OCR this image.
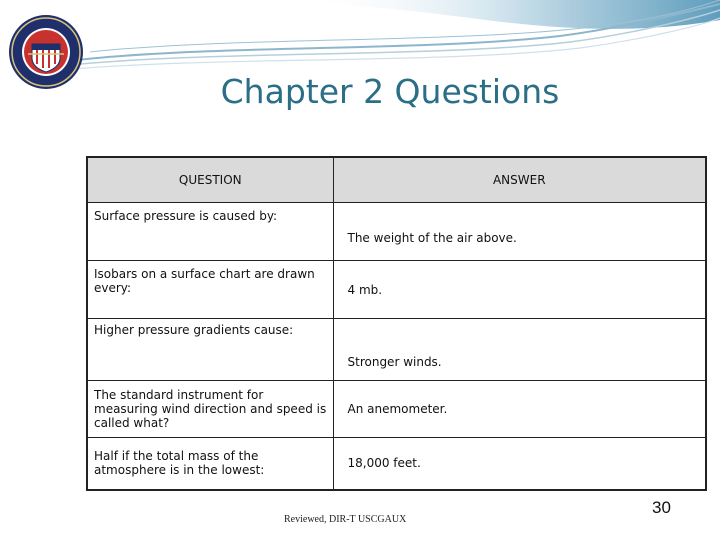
Chapter 2 Questions
QUESTION	ANSWER

Surface pressure is caused by:	The weight of the air above.

Isobars on a surface chart are drawn every:	4 mb.

Higher pressure gradients cause:	Stronger winds.

The standard instrument for measuring wind direction and speed is called what?	An anemometer.

Half if the total mass of the atmosphere is in the lowest:	18,000 feet.
Reviewed, DIR-T USCGAUX
30
